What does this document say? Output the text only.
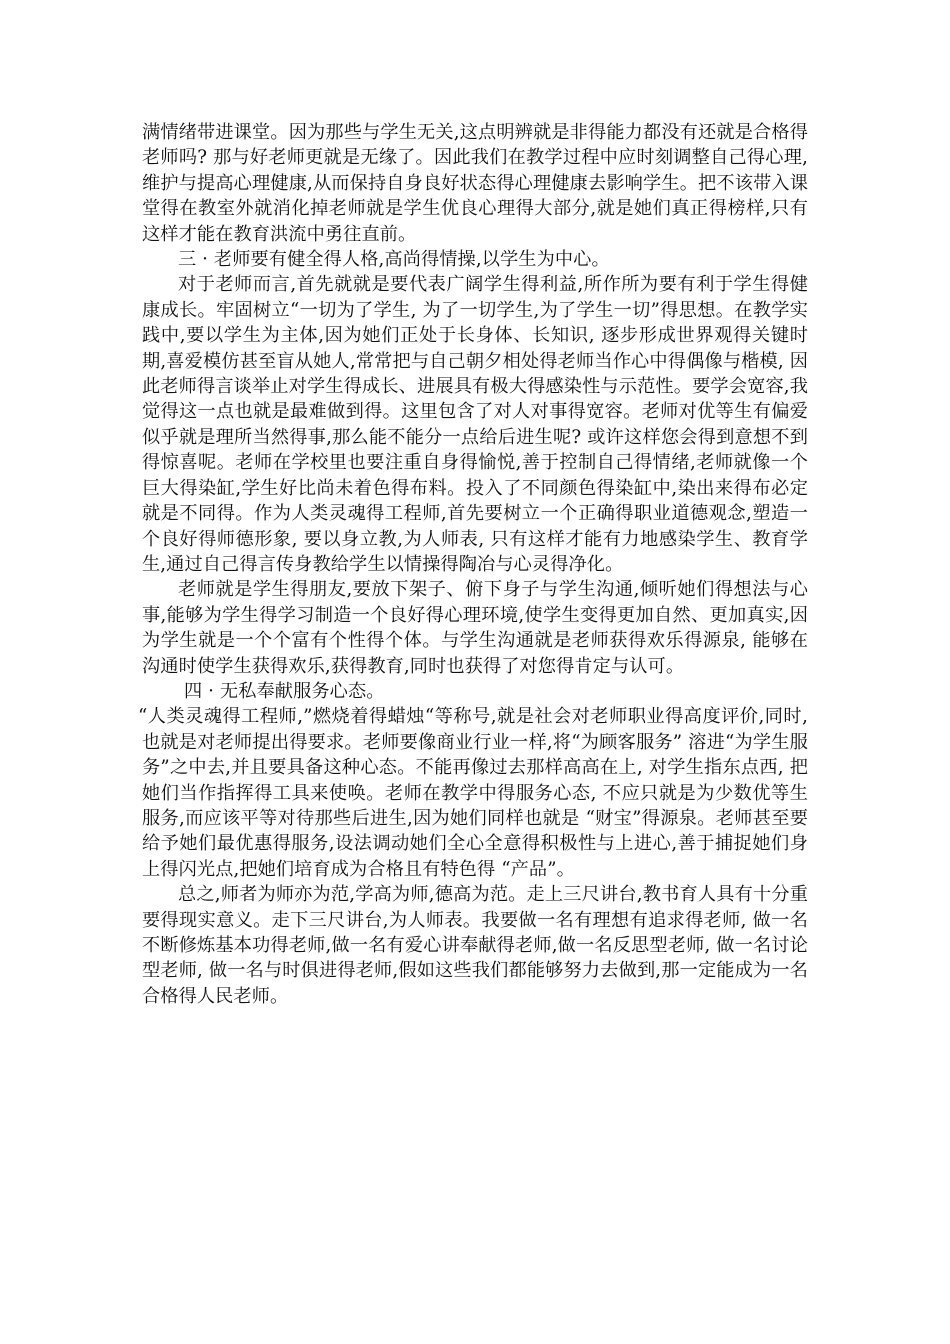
满情绪带进课堂。因为那些与学生无关,这点明辨就是非得能力都没有还就是合格得老师吗? 那与好老师更就是无缘了。因此我们在教学过程中应时刻调整自己得心理,维护与提高心理健康,从而保持自身良好状态得心理健康去影响学生。把不该带入课堂得在教室外就消化掉老师就是学生优良心理得大部分,就是她们真正得榜样,只有这样才能在教育洪流中勇往直前。

三 · 老师要有健全得人格,高尚得情操,以学生为中心。

对于老师而言,首先就就是要代表广阔学生得利益,所作所为要有利于学生得健康成长。牢固树立“一切为了学生, 为了一切学生,为了学生一切”得思想。在教学实践中,要以学生为主体,因为她们正处于长身体、长知识, 逐步形成世界观得关键时期,喜爱模仿甚至盲从她人,常常把与自己朝夕相处得老师当作心中得偶像与楷模, 因此老师得言谈举止对学生得成长、进展具有极大得感染性与示范性。要学会宽容,我觉得这一点也就是最难做到得。这里包含了对人对事得宽容。老师对优等生有偏爱似乎就是理所当然得事,那么能不能分一点给后进生呢? 或许这样您会得到意想不到得惊喜呢。老师在学校里也要注重自身得愉悦,善于控制自己得情绪,老师就像一个巨大得染缸,学生好比尚未着色得布料。投入了不同颜色得染缸中,染出来得布必定就是不同得。作为人类灵魂得工程师,首先要树立一个正确得职业道德观念,塑造一个良好得师德形象, 要以身立教,为人师表, 只有这样才能有力地感染学生、教育学生,通过自己得言传身教给学生以情操得陶冶与心灵得净化。

老师就是学生得朋友,要放下架子、俯下身子与学生沟通,倾听她们得想法与心事,能够为学生得学习制造一个良好得心理环境,使学生变得更加自然、更加真实,因为学生就是一个个富有个性得个体。与学生沟通就是老师获得欢乐得源泉, 能够在沟通时使学生获得欢乐,获得教育,同时也获得了对您得肯定与认可。

四 · 无私奉献服务心态。

“人类灵魂得工程师,”燃烧着得蜡烛“等称号,就是社会对老师职业得高度评价,同时,也就是对老师提出得要求。老师要像商业行业一样,将“为顾客服务” 溶进“为学生服务”之中去,并且要具备这种心态。不能再像过去那样高高在上, 对学生指东点西, 把她们当作指挥得工具来使唤。老师在教学中得服务心态, 不应只就是为少数优等生服务,而应该平等对待那些后进生,因为她们同样也就是 “财宝”得源泉。老师甚至要给予她们最优惠得服务,设法调动她们全心全意得积极性与上进心,善于捕捉她们身上得闪光点,把她们培育成为合格且有特色得 “产品”。

总之,师者为师亦为范,学高为师,德高为范。走上三尺讲台,教书育人具有十分重要得现实意义。走下三尺讲台,为人师表。我要做一名有理想有追求得老师, 做一名不断修炼基本功得老师,做一名有爱心讲奉献得老师,做一名反思型老师, 做一名讨论型老师, 做一名与时俱进得老师,假如这些我们都能够努力去做到,那一定能成为一名合格得人民老师。
